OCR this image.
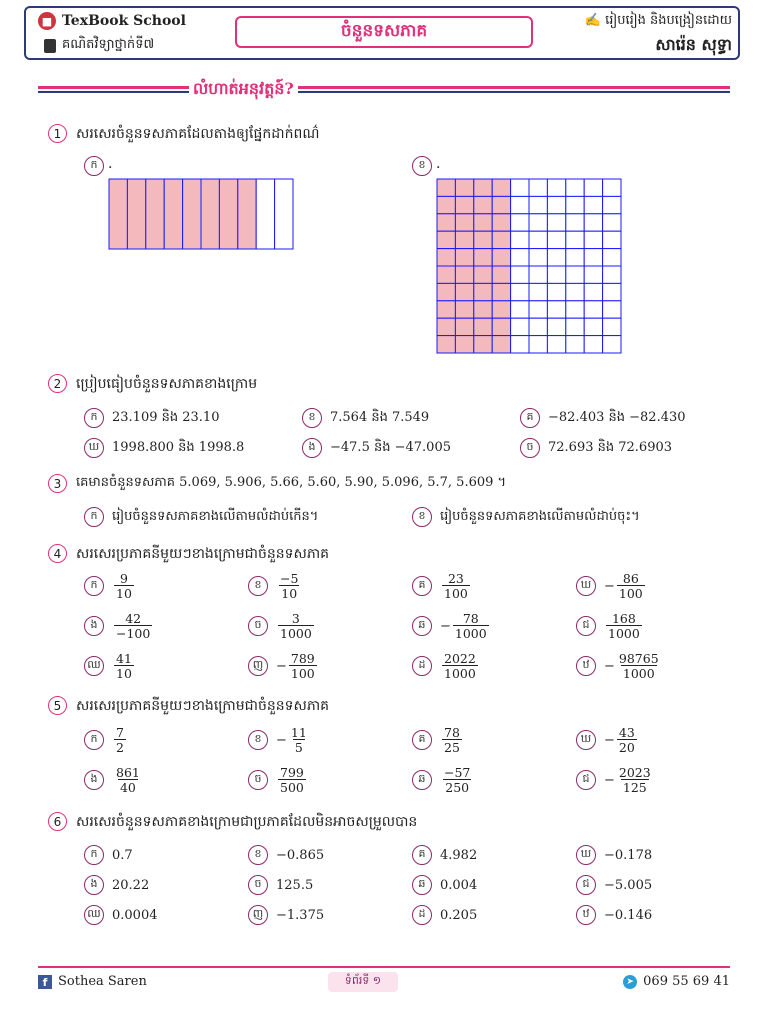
■ TexBook School
គណិតវិទ្យាថ្នាក់ទី៧
ចំនួនទសភាគ	✍ រៀបរៀង និងបង្រៀនដោយ
សារ៉េន សុទ្ធា
លំហាត់អនុវត្តន៍?
1	សរសេរចំនួនទសភាគដែលតាងឲ្យផ្នែកដាក់ពណ៌
ក .	ខ .
2	ប្រៀបធៀបចំនួនទសភាគខាងក្រោម
ក	23.109 និង 23.10	ខ	7.564 និង 7.549	គ	−82.403 និង −82.430
ឃ 1998.800 និង 1998.8	ង	−47.5 និង −47.005	ច	72.693 និង 72.6903
3	គេមានចំនួនទសភាគ 5.069, 5.906, 5.66, 5.60, 5.90, 5.096, 5.7, 5.609 ។
ក	រៀបចំនួនទសភាគខាងលើតាមលំដាប់កើន។	ខ	រៀបចំនួនទសភាគខាងលើតាមលំដាប់ចុះ។
4	សរសេរប្រភាគនីមួយៗខាងក្រោមជាចំនួនទសភាគ
ក	$\frac{9}{10}$	ខ	$\frac{-5}{10}$	គ	$\frac{23}{100}$	ឃ − $\frac{86}{100}$
ង	$\frac{42}{-100}$	ច	$\frac{3}{1000}$	ឆ	− $\frac{78}{1000}$	ជ	$\frac{168}{1000}$
ឈ $\frac{41}{10}$	ញ − $\frac{789}{100}$	ដ	$\frac{2022}{1000}$	ឋ	− $\frac{98765}{1000}$
5	សរសេរប្រភាគនីមួយៗខាងក្រោមជាចំនួនទសភាគ
ក	$\frac{7}{2}$	ខ	− $\frac{11}{5}$	គ	$\frac{78}{25}$	ឃ − $\frac{43}{20}$
ង	$\frac{861}{40}$	ច	$\frac{799}{500}$	ឆ	$\frac{-57}{250}$	ជ	− $\frac{2023}{125}$
6	សរសេរចំនួនទសភាគខាងក្រោមជាប្រភាគដែលមិនអាចសម្រួលបាន
ក	0.7	ខ	−0.865	គ	4.982	ឃ −0.178
ង	20.22	ច	125.5	ឆ	0.004	ជ	−5.005
ឈ 0.0004	ញ −1.375	ដ	0.205	ឋ	−0.146
f Sothea Saren	ទំព័រទី ១	➤ 069 55 69 41
